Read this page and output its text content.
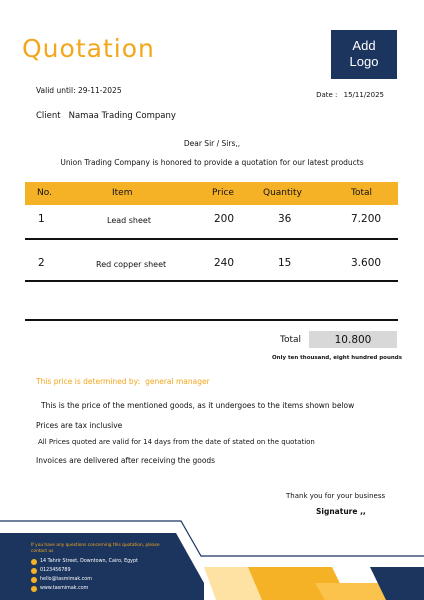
Quotation	Add
Logo
Valid until: 29-11-2025	Date : 15/11/2025
Client Namaa Trading Company
Dear Sir / Sirs,,
Union Trading Company is honored to provide a quotation for our latest products
No.	Item	Price	Quantity	Total
1	Lead sheet	200	36	7.200
2	Red copper sheet	240	15	3.600
Total	10.800
Only ten thousand, eight hundred pounds
This price is determined by: general manager
This is the price of the mentioned goods, as it undergoes to the items shown below
Prices are tax inclusive
All Prices quoted are valid for 14 days from the date of stated on the quotation
Invoices are delivered after receiving the goods
Thank you for your business
Signature ,,
If you have any questions concerning this quotation, please contact us
14 Tahrir Street, Downtown, Cairo, Egypt
0123456789
hello@tasmimak.com
www.tasmimak.com
